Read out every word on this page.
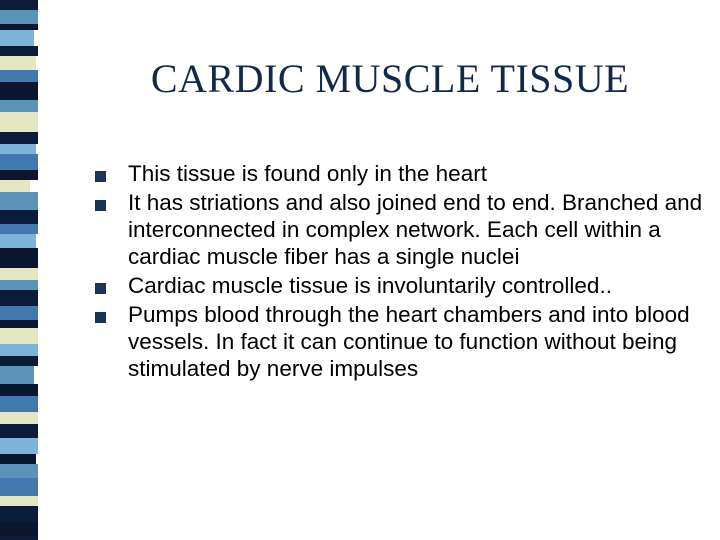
CARDIC MUSCLE TISSUE
This tissue is found only in the heart
It has striations and also joined end to end. Branched and interconnected in complex network. Each cell within a cardiac muscle fiber has a single nuclei
Cardiac muscle tissue is involuntarily controlled..
Pumps blood through the heart chambers and into blood vessels. In fact it can continue to function without being stimulated by nerve impulses
